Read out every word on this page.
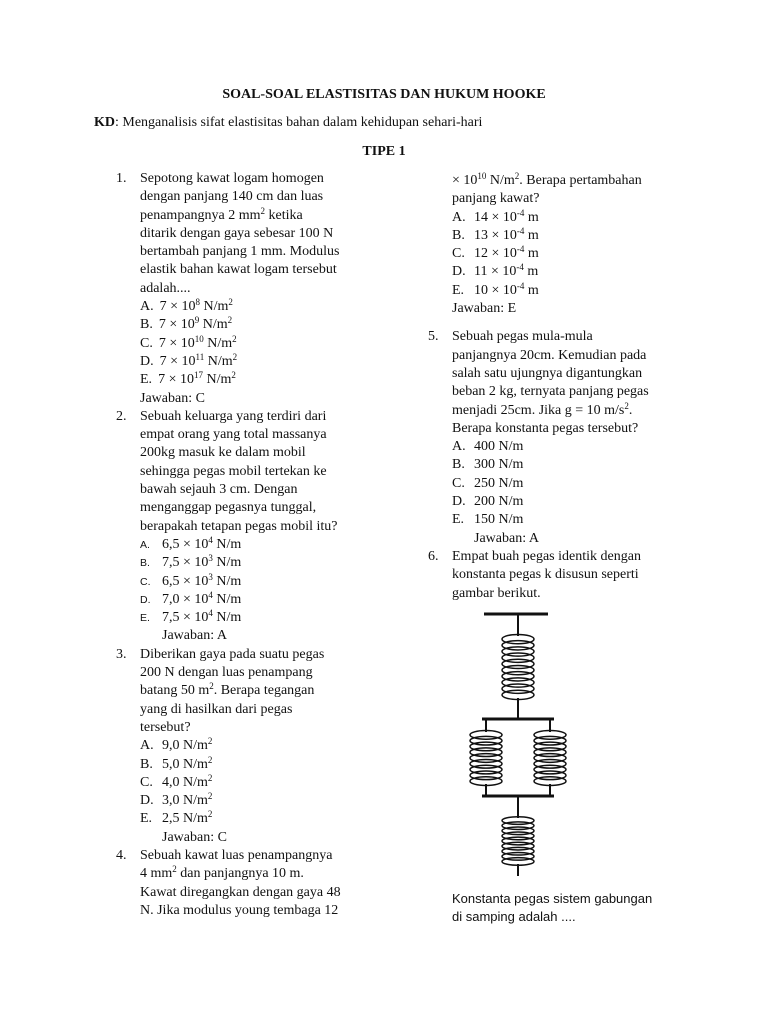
SOAL-SOAL ELASTISITAS DAN HUKUM HOOKE
KD: Menganalisis sifat elastisitas bahan dalam kehidupan sehari-hari
TIPE 1
1. Sepotong kawat logam homogen
dengan panjang 140 cm dan luas
penampangnya 2 $mm^2$ ketika
ditarik dengan gaya sebesar 100 N
bertambah panjang 1 mm. Modulus
elastik bahan kawat logam tersebut
adalah....
A. $7 \times 10^8$ $N/m^2$
B. $7 \times 10^9$ $N/m^2$
C. $7 \times 10^{10}$ $N/m^2$
D. $7 \times 10^{11}$ $N/m^2$
E. $7 \times 10^{17}$ $N/m^2$
Jawaban: C
2. Sebuah keluarga yang terdiri dari
empat orang yang total massanya
200kg masuk ke dalam mobil
sehingga pegas mobil tertekan ke
bawah sejauh 3 cm. Dengan
menganggap pegasnya tunggal,
berapakah tetapan pegas mobil itu?
A. $6,5 \times 10^4$ N/m
B. $7,5 \times 10^3$ N/m
C. $6,5 \times 10^3$ N/m
D. $7,0 \times 10^4$ N/m
E. $7,5 \times 10^4$ N/m
Jawaban: A
3. Diberikan gaya pada suatu pegas
200 N dengan luas penampang
batang 50 $m^2$. Berapa tegangan
yang di hasilkan dari pegas
tersebut?
A. 9,0 $N/m^2$
B. 5,0 $N/m^2$
C. 4,0 $N/m^2$
D. 3,0 $N/m^2$
E. 2,5 $N/m^2$
Jawaban: C
4. Sebuah kawat luas penampangnya
4 $mm^2$ dan panjangnya 10 m.
Kawat diregangkan dengan gaya 48
N. Jika modulus young tembaga 12
× $10^{10}$ $N/m^2$. Berapa pertambahan
panjang kawat?
A. $14 \times 10^{-4}$ m
B. $13 \times 10^{-4}$ m
C. $12 \times 10^{-4}$ m
D. $11 \times 10^{-4}$ m
E. $10 \times 10^{-4}$ m
Jawaban: E
5. Sebuah pegas mula-mula
panjangnya 20cm. Kemudian pada
salah satu ujungnya digantungkan
beban 2 kg, ternyata panjang pegas
menjadi 25cm. Jika g = 10 $m/s^2$.
Berapa konstanta pegas tersebut?
A. 400 N/m
B. 300 N/m
C. 250 N/m
D. 200 N/m
E. 150 N/m
Jawaban: A
6. Empat buah pegas identik dengan
konstanta pegas k disusun seperti
gambar berikut.
Konstanta pegas sistem gabungan
di samping adalah ....
